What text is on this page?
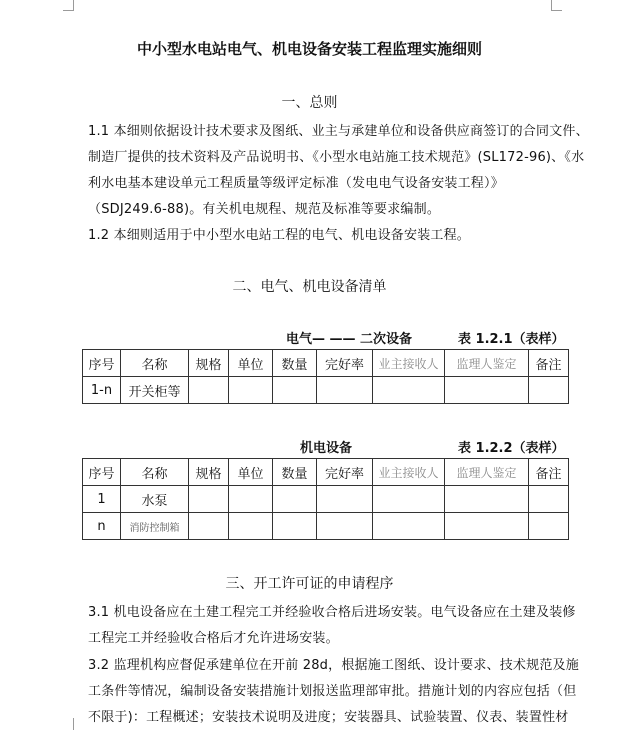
中小型水电站电气、机电设备安装工程监理实施细则
一、总则
1.1 本细则依据设计技术要求及图纸、业主与承建单位和设备供应商签订的合同文件、
制造厂提供的技术资料及产品说明书、《小型水电站施工技术规范》(SL172-96)、《水
利水电基本建设单元工程质量等级评定标准（发电电气设备安装工程）》
（SDJ249.6-88)。有关机电规程、规范及标准等要求编制。
1.2 本细则适用于中小型水电站工程的电气、机电设备安装工程。
二、电气、机电设备清单
电气— —— 二次设备	表 1.2.1（表样）
序号	名称	规格	单位	数量	完好率	业主接收人	监理人鉴定	备注
1-n	开关柜等							
机电设备	表 1.2.2（表样）
序号	名称	规格	单位	数量	完好率	业主接收人	监理人鉴定	备注
1	水泵							
n	消防控制箱							
三、开工许可证的申请程序
3.1 机电设备应在土建工程完工并经验收合格后进场安装。电气设备应在土建及装修
工程完工并经验收合格后才允许进场安装。
3.2 监理机构应督促承建单位在开前 28d，根据施工图纸、设计要求、技术规范及施
工条件等情况，编制设备安装措施计划报送监理部审批。措施计划的内容应包括（但
不限于)：工程概述；安装技术说明及进度；安装器具、试验装置、仪表、装置性材
